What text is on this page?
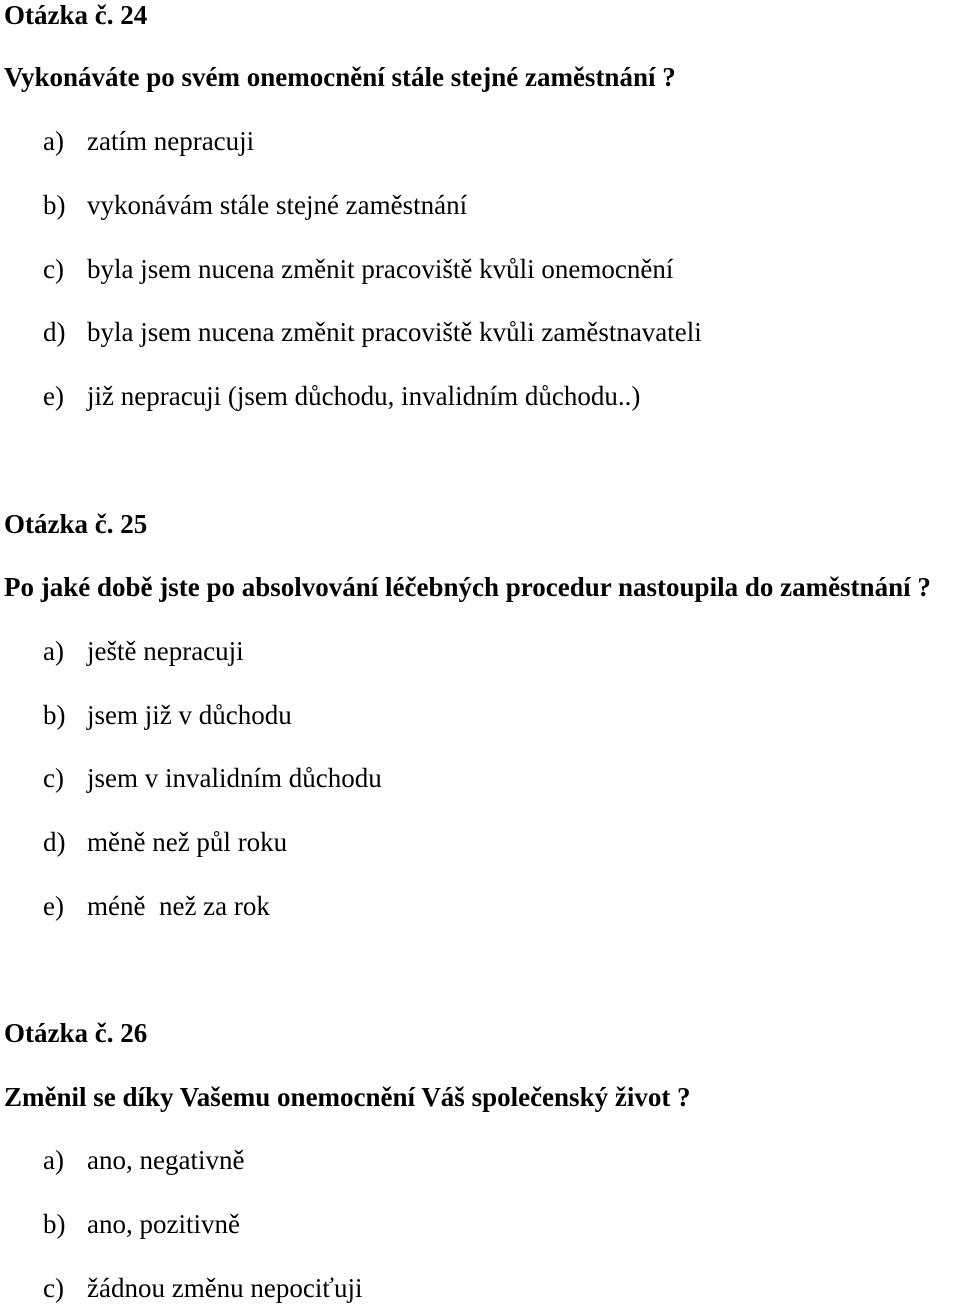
Otázka č. 24
Vykonáváte po svém onemocnění stále stejné zaměstnání ?
a) zatím nepracuji
b) vykonávám stále stejné zaměstnání
c) byla jsem nucena změnit pracoviště kvůli onemocnění
d) byla jsem nucena změnit pracoviště kvůli zaměstnavateli
e) již nepracuji (jsem důchodu, invalidním důchodu..)
Otázka č. 25
Po jaké době jste po absolvování léčebných procedur nastoupila do zaměstnání ?
a) ještě nepracuji
b) jsem již v důchodu
c) jsem v invalidním důchodu
d) měně než půl roku
e) méně  než za rok
Otázka č. 26
Změnil se díky Vašemu onemocnění Váš společenský život ?
a) ano, negativně
b) ano, pozitivně
c) žádnou změnu nepociťuji
